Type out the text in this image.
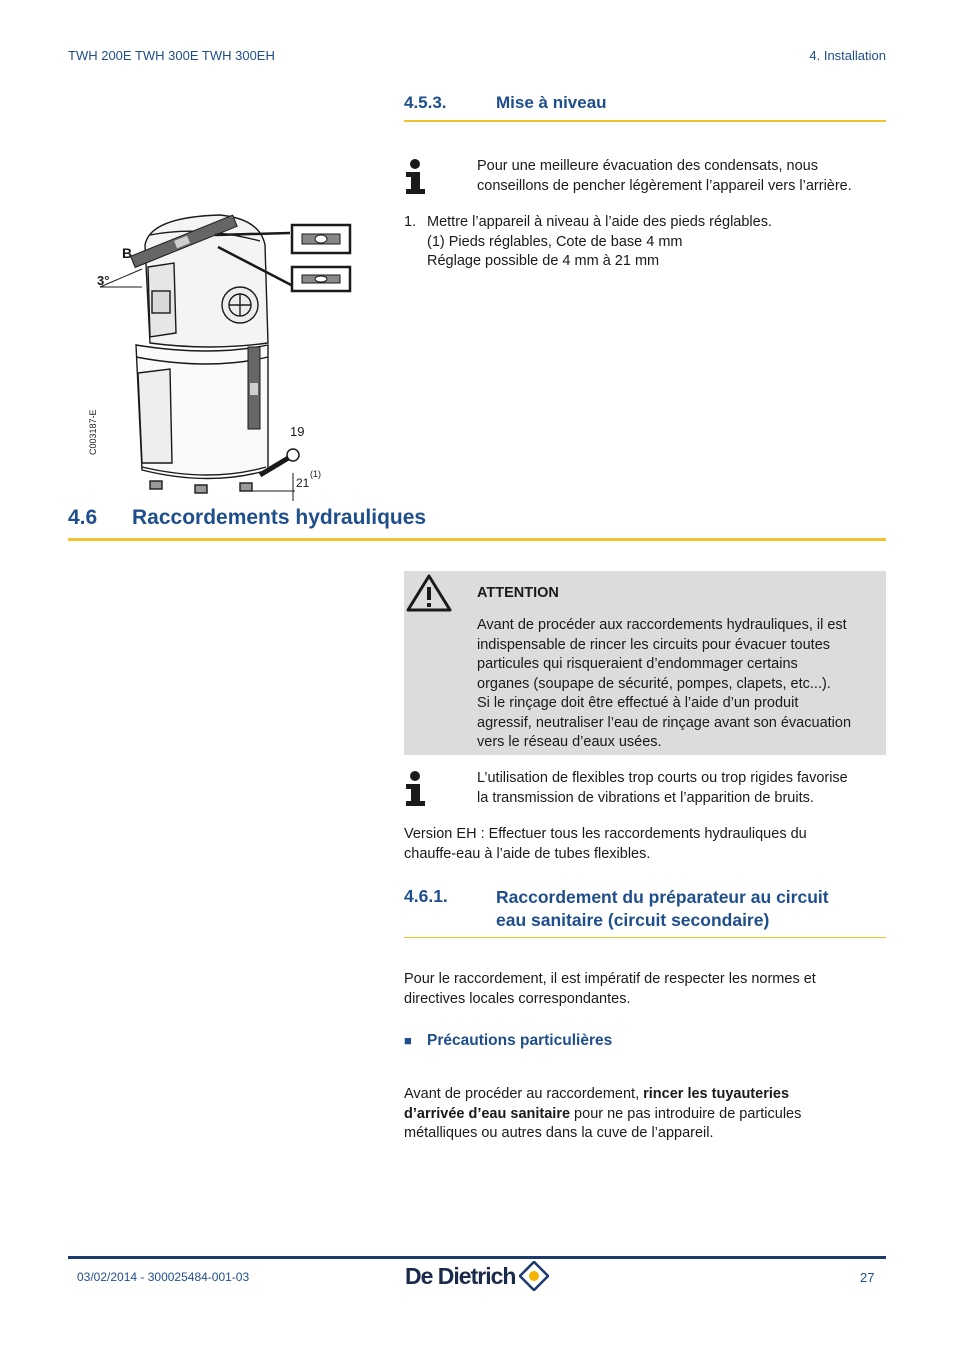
TWH 200E TWH 300E TWH 300EH	4. Installation
4.5.3.	Mise à niveau
Pour une meilleure évacuation des condensats, nous
conseillons de pencher légèrement l’appareil vers l’arrière.
1. Mettre l’appareil à niveau à l’aide des pieds réglables.
(1) Pieds réglables, Cote de base 4 mm
Réglage possible de 4 mm à 21 mm
B
3°
19
21
(1)
C003187-E
4.6 Raccordements hydrauliques
ATTENTION
Avant de procéder aux raccordements hydrauliques, il est
indispensable de rincer les circuits pour évacuer toutes
particules qui risqueraient d’endommager certains
organes (soupape de sécurité, pompes, clapets, etc...).
Si le rinçage doit être effectué à l’aide d’un produit
agressif, neutraliser l’eau de rinçage avant son évacuation
vers le réseau d’eaux usées.
L’utilisation de flexibles trop courts ou trop rigides favorise
la transmission de vibrations et l’apparition de bruits.
Version EH : Effectuer tous les raccordements hydrauliques du
chauffe-eau à l’aide de tubes flexibles.
4.6.1.	Raccordement du préparateur au circuit
eau sanitaire (circuit secondaire)
Pour le raccordement, il est impératif de respecter les normes et
directives locales correspondantes.
■ Précautions particulières
Avant de procéder au raccordement, rincer les tuyauteries
d’arrivée d’eau sanitaire pour ne pas introduire de particules
métalliques ou autres dans la cuve de l’appareil.
03/02/2014 - 300025484-001-03	De Dietrich	27
